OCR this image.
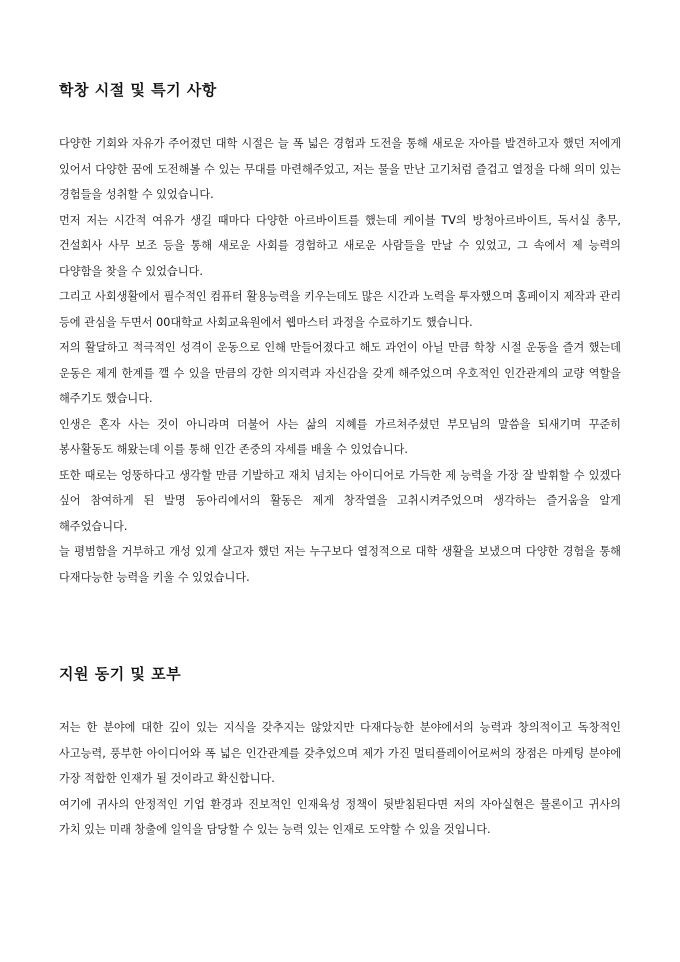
학창 시절 및 특기 사항

다양한 기회와 자유가 주어졌던 대학 시절은 늘 폭 넓은 경험과 도전을 통해 새로운 자아를 발견하고자 했던 저에게 있어서 다양한 꿈에 도전해볼 수 있는 무대를 마련해주었고, 저는 물을 만난 고기처럼 즐겁고 열정을 다해 의미 있는 경험들을 성취할 수 있었습니다.

먼저 저는 시간적 여유가 생길 때마다 다양한 아르바이트를 했는데 케이블 TV의 방청아르바이트, 독서실 총무, 건설회사 사무 보조 등을 통해 새로운 사회를 경험하고 새로운 사람들을 만날 수 있었고, 그 속에서 제 능력의 다양함을 찾을 수 있었습니다.

그리고 사회생활에서 필수적인 컴퓨터 활용능력을 키우는데도 많은 시간과 노력을 투자했으며 홈페이지 제작과 관리 등에 관심을 두면서 00대학교 사회교육원에서 웹마스터 과정을 수료하기도 했습니다.

저의 활달하고 적극적인 성격이 운동으로 인해 만들어졌다고 해도 과언이 아닐 만큼 학창 시절 운동을 즐겨 했는데 운동은 제게 한계를 깰 수 있을 만큼의 강한 의지력과 자신감을 갖게 해주었으며 우호적인 인간관계의 교량 역할을 해주기도 했습니다.

인생은 혼자 사는 것이 아니라며 더불어 사는 삶의 지혜를 가르쳐주셨던 부모님의 말씀을 되새기며 꾸준히 봉사활동도 해왔는데 이를 통해 인간 존중의 자세를 배울 수 있었습니다.

또한 때로는 엉뚱하다고 생각할 만큼 기발하고 재치 넘치는 아이디어로 가득한 제 능력을 가장 잘 발휘할 수 있겠다 싶어 참여하게 된 발명 동아리에서의 활동은 제게 창작열을 고취시켜주었으며 생각하는 즐거움을 알게 해주었습니다.

늘 평범함을 거부하고 개성 있게 살고자 했던 저는 누구보다 열정적으로 대학 생활을 보냈으며 다양한 경험을 통해 다재다능한 능력을 키울 수 있었습니다.

지원 동기 및 포부

저는 한 분야에 대한 깊이 있는 지식을 갖추지는 않았지만 다재다능한 분야에서의 능력과 창의적이고 독창적인 사고능력, 풍부한 아이디어와 폭 넓은 인간관계를 갖추었으며 제가 가진 멀티플레이어로써의 장점은 마케팅 분야에 가장 적합한 인재가 될 것이라고 확신합니다.

여기에 귀사의 안정적인 기업 환경과 진보적인 인재육성 정책이 뒷받침된다면 저의 자아실현은 물론이고 귀사의 가치 있는 미래 창출에 일익을 담당할 수 있는 능력 있는 인재로 도약할 수 있을 것입니다.
